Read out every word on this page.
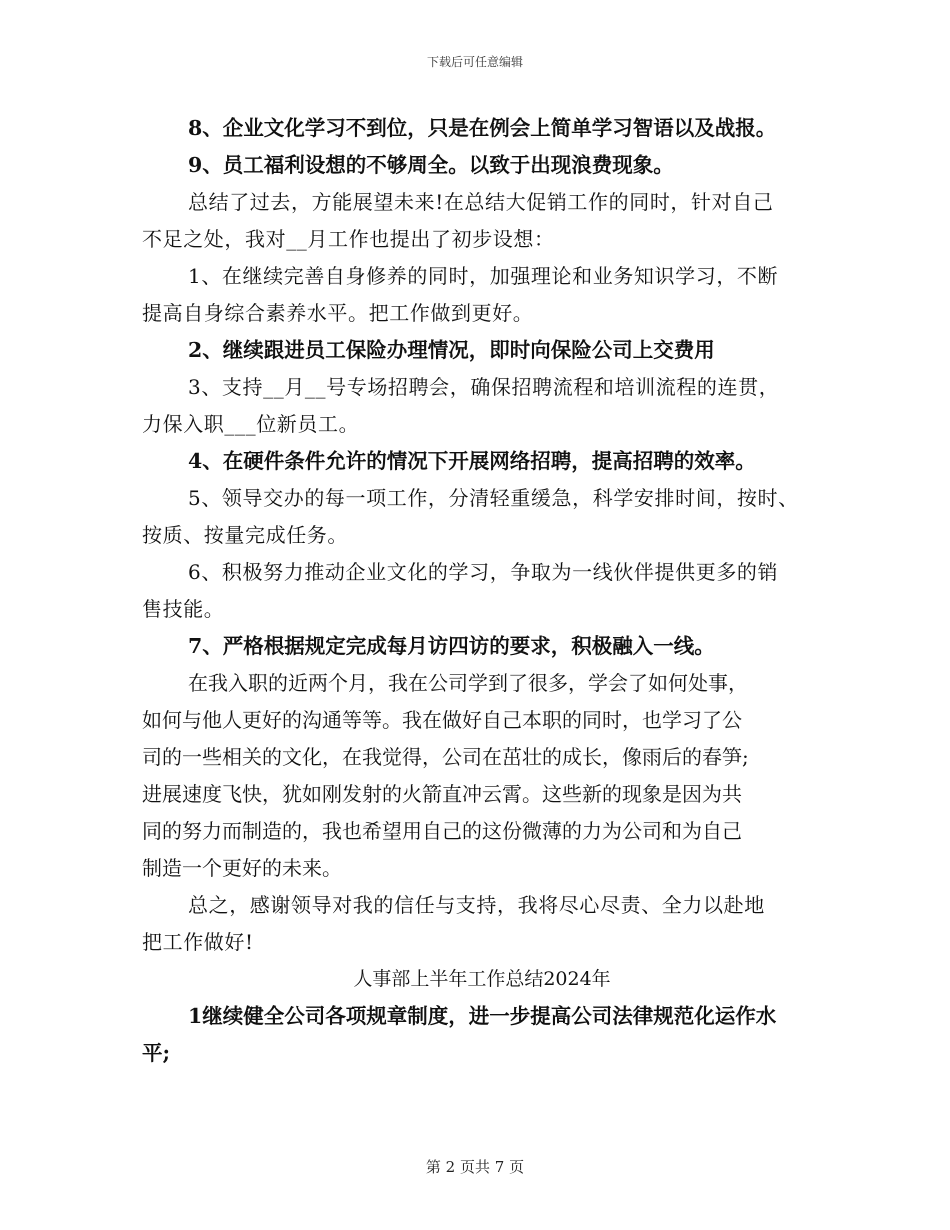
下载后可任意编辑
8、企业文化学习不到位，只是在例会上简单学习智语以及战报。
9、员工福利设想的不够周全。以致于出现浪费现象。
总结了过去，方能展望未来!在总结大促销工作的同时，针对自己
不足之处，我对__月工作也提出了初步设想：
1、在继续完善自身修养的同时，加强理论和业务知识学习，不断
提高自身综合素养水平。把工作做到更好。
2、继续跟进员工保险办理情况，即时向保险公司上交费用
3、支持__月__号专场招聘会，确保招聘流程和培训流程的连贯，
力保入职___位新员工。
4、在硬件条件允许的情况下开展网络招聘，提高招聘的效率。
5、领导交办的每一项工作，分清轻重缓急，科学安排时间，按时、
按质、按量完成任务。
6、积极努力推动企业文化的学习，争取为一线伙伴提供更多的销
售技能。
7、严格根据规定完成每月访四访的要求，积极融入一线。
在我入职的近两个月，我在公司学到了很多，学会了如何处事，
如何与他人更好的沟通等等。我在做好自己本职的同时，也学习了公
司的一些相关的文化，在我觉得，公司在茁壮的成长，像雨后的春笋;
进展速度飞快，犹如刚发射的火箭直冲云霄。这些新的现象是因为共
同的努力而制造的，我也希望用自己的这份微薄的力为公司和为自己
制造一个更好的未来。
总之，感谢领导对我的信任与支持，我将尽心尽责、全力以赴地
把工作做好!
人事部上半年工作总结2024年
1继续健全公司各项规章制度，进一步提高公司法律规范化运作水
平;
第 2 页共 7 页
